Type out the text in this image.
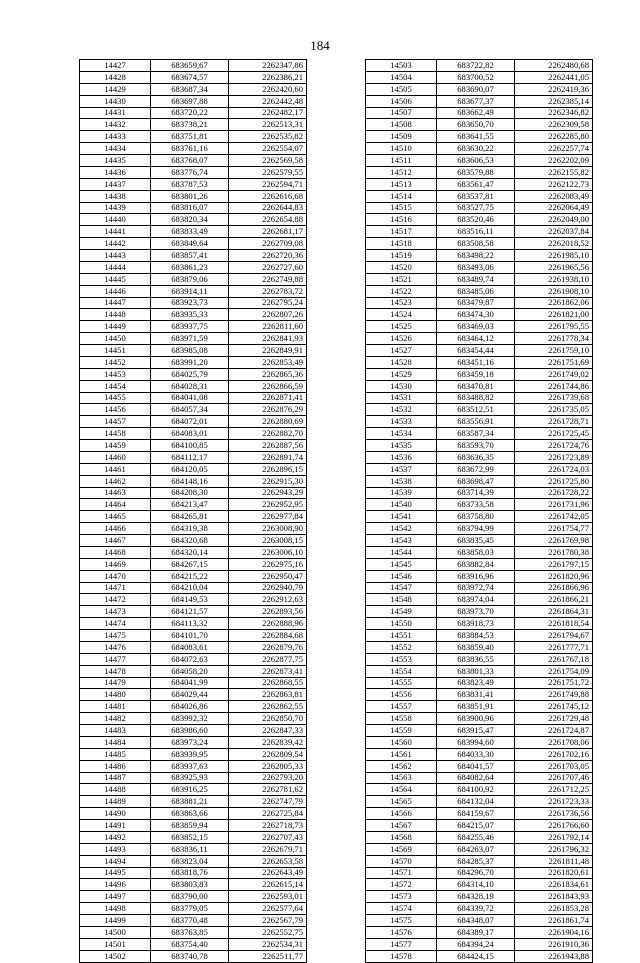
184
14427	683659,67	2262347,86
14428	683674,57	2262386,21
14429	683687,34	2262420,60
14430	683697,88	2262442,48
14431	683720,22	2262482,17
14432	683738,21	2262513,31
14433	683751,81	2262535,82
14434	683761,16	2262554,07
14435	683768,07	2262569,58
14436	683776,74	2262579,55
14437	683787,53	2262594,71
14438	683801,26	2262616,68
14439	683816,07	2262644,83
14440	683820,34	2262654,88
14441	683833,49	2262681,17
14442	683849,64	2262709,08
14443	683857,41	2262720,36
14444	683861,23	2262727,60
14445	683879,06	2262749,88
14446	683914,11	2262783,72
14447	683923,73	2262795,24
14448	683935,33	2262807,26
14449	683937,75	2262811,60
14450	683971,59	2262841,93
14451	683985,08	2262849,91
14452	683991,20	2262853,49
14453	684025,79	2262865,36
14454	684028,31	2262866,59
14455	684041,08	2262871,41
14456	684057,34	2262876,29
14457	684072,01	2262880,69
14458	684083,01	2262882,70
14459	684100,85	2262887,56
14460	684112,17	2262891,74
14461	684120,05	2262896,15
14462	684148,16	2262915,30
14463	684208,30	2262943,29
14464	684213,47	2262952,95
14465	684265,81	2262977,84
14466	684319,38	2263008,90
14467	684320,68	2263008,15
14468	684320,14	2263006,10
14469	684267,15	2262975,16
14470	684215,22	2262950,47
14471	684210,04	2262940,79
14472	684149,53	2262912,63
14473	684121,57	2262893,56
14474	684113,32	2262888,96
14475	684101,70	2262884,68
14476	684083,61	2262879,76
14477	684072,63	2262877,75
14478	684058,20	2262873,41
14479	684041,99	2262868,55
14480	684029,44	2262863,81
14481	684026,86	2262862,55
14482	683992,32	2262850,70
14483	683986,60	2262847,33
14484	683973,24	2262839,42
14485	683939,95	2262809,54
14486	683937,63	2262805,33
14487	683925,93	2262793,20
14488	683916,25	2262781,62
14489	683881,21	2262747,79
14490	683863,66	2262725,84
14491	683859,94	2262718,73
14492	683852,15	2262707,43
14493	683836,11	2262679,71
14494	683823,04	2262653,58
14495	683818,76	2262643,49
14496	683803,83	2262615,14
14497	683790,00	2262593,01
14498	683779,05	2262577,64
14499	683770,48	2262567,79
14500	683763,85	2262552,75
14501	683754,40	2262534,31
14502	683740,78	2262511,77
14503	683722,82	2262480,68
14504	683700,52	2262441,05
14505	683690,07	2262419,36
14506	683677,37	2262385,14
14507	683662,49	2262346,82
14508	683650,70	2262309,58
14509	683641,55	2262285,80
14510	683630,22	2262257,74
14511	683606,53	2262202,09
14512	683579,88	2262155,82
14513	683561,47	2262122,73
14514	683537,81	2262083,49
14515	683527,75	2262064,49
14516	683520,46	2262049,00
14517	683516,11	2262037,84
14518	683508,58	2262018,52
14519	683498,22	2261985,10
14520	683493,06	2261965,56
14521	683489,74	2261938,10
14522	683485,06	2261908,10
14523	683479,87	2261862,06
14524	683474,30	2261821,00
14525	683469,03	2261795,55
14526	683464,12	2261778,34
14527	683454,44	2261759,10
14528	683451,16	2261751,69
14529	683459,18	2261749,02
14530	683470,81	2261744,86
14531	683488,82	2261739,68
14532	683512,51	2261735,05
14533	683556,91	2261728,71
14534	683587,34	2261725,45
14535	683593,70	2261724,76
14536	683636,35	2261723,89
14537	683672,99	2261724,03
14538	683698,47	2261725,80
14539	683714,39	2261728,22
14540	683733,58	2261731,96
14541	683758,80	2261742,05
14542	683794,99	2261754,77
14543	683835,45	2261769,98
14544	683858,03	2261780,38
14545	683882,84	2261797,15
14546	683916,96	2261820,96
14547	683972,74	2261866,96
14548	683974,04	2261866,21
14549	683973,70	2261864,31
14550	683918,73	2261818,54
14551	683884,53	2261794,67
14552	683859,40	2261777,71
14553	683836,55	2261767,18
14554	683801,33	2261754,09
14555	683823,49	2261751,72
14556	683831,41	2261749,88
14557	683851,91	2261745,12
14558	683900,96	2261729,48
14559	683915,47	2261724,87
14560	683994,60	2261708,06
14561	684033,30	2261702,16
14562	684041,57	2261703,05
14563	684082,64	2261707,46
14564	684100,92	2261712,25
14565	684132,04	2261723,33
14566	684159,67	2261736,56
14567	684215,07	2261766,60
14568	684255,46	2261792,14
14569	684263,07	2261796,32
14570	684285,37	2261811,48
14571	684296,70	2261820,61
14572	684314,10	2261834,61
14573	684328,19	2261843,93
14574	684339,72	2261853,28
14575	684348,07	2261861,74
14576	684389,17	2261904,16
14577	684394,24	2261910,36
14578	684424,15	2261943,88
